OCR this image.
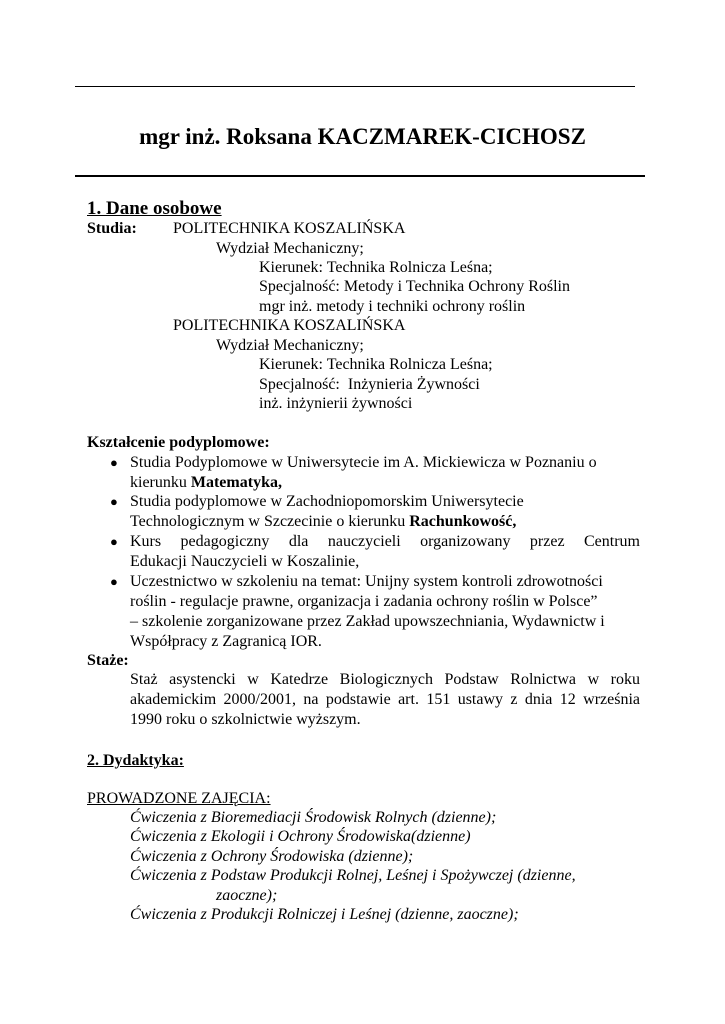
mgr inż. Roksana KACZMAREK-CICHOSZ
1. Dane osobowe
Studia: POLITECHNIKA KOSZALIŃSKA
Wydział Mechaniczny;
Kierunek: Technika Rolnicza Leśna;
Specjalność: Metody i Technika Ochrony Roślin
mgr inż. metody i techniki ochrony roślin
POLITECHNIKA KOSZALIŃSKA
Wydział Mechaniczny;
Kierunek: Technika Rolnicza Leśna;
Specjalność:  Inżynieria Żywności
inż. inżynierii żywności
Kształcenie podyplomowe:
● Studia Podyplomowe w Uniwersytecie im A. Mickiewicza w Poznaniu o
kierunku Matematyka,
● Studia podyplomowe w Zachodniopomorskim Uniwersytecie
Technologicznym w Szczecinie o kierunku Rachunkowość,
● Kurs pedagogiczny dla nauczycieli organizowany przez Centrum
Edukacji Nauczycieli w Koszalinie,
● Uczestnictwo w szkoleniu na temat: Unijny system kontroli zdrowotności
roślin - regulacje prawne, organizacja i zadania ochrony roślin w Polsce”
– szkolenie zorganizowane przez Zakład upowszechniania, Wydawnictw i
Współpracy z Zagranicą IOR.
Staże:
Staż asystencki w Katedrze Biologicznych Podstaw Rolnictwa w roku
akademickim 2000/2001, na podstawie art. 151 ustawy z dnia 12 września
1990 roku o szkolnictwie wyższym.
2. Dydaktyka:
PROWADZONE ZAJĘCIA:
Ćwiczenia z Bioremediacji Środowisk Rolnych (dzienne);
Ćwiczenia z Ekologii i Ochrony Środowiska(dzienne)
Ćwiczenia z Ochrony Środowiska (dzienne);
Ćwiczenia z Podstaw Produkcji Rolnej, Leśnej i Spożywczej (dzienne,
zaoczne);
Ćwiczenia z Produkcji Rolniczej i Leśnej (dzienne, zaoczne);
